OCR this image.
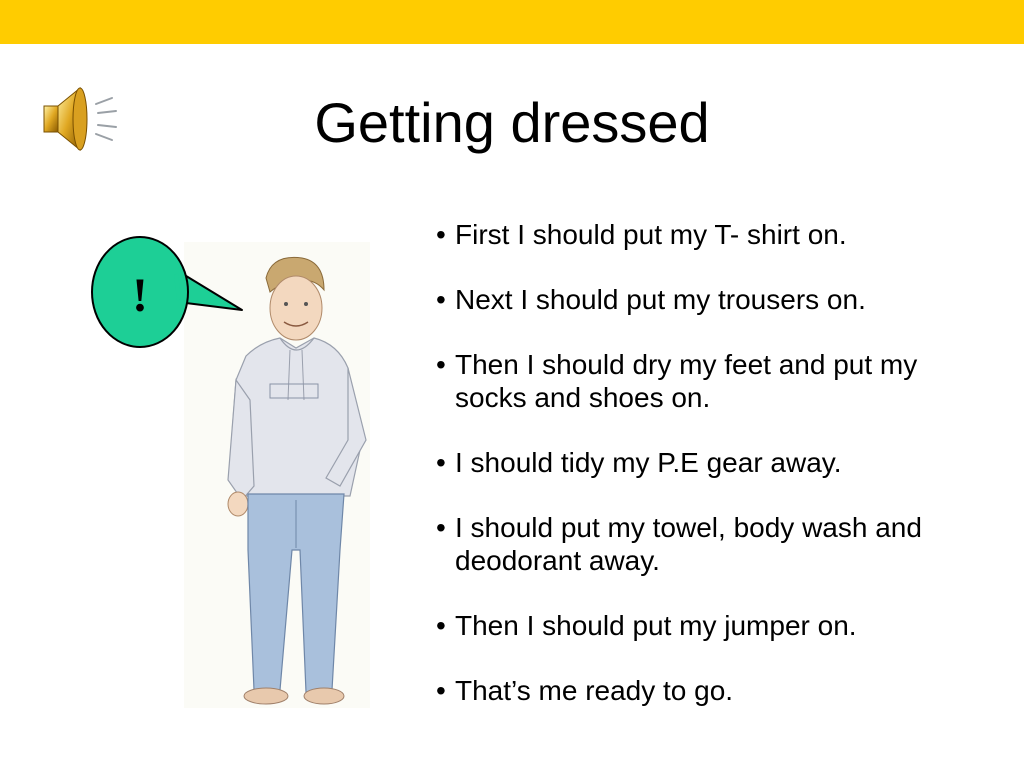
Getting dressed
!
• First I should put my T- shirt on.
• Next I should put my trousers on.
• Then I should dry my feet and put my socks and shoes on.
• I should tidy my P.E gear away.
• I should put my towel, body wash and deodorant away.
• Then I should put my jumper on.
• That’s me ready to go.
